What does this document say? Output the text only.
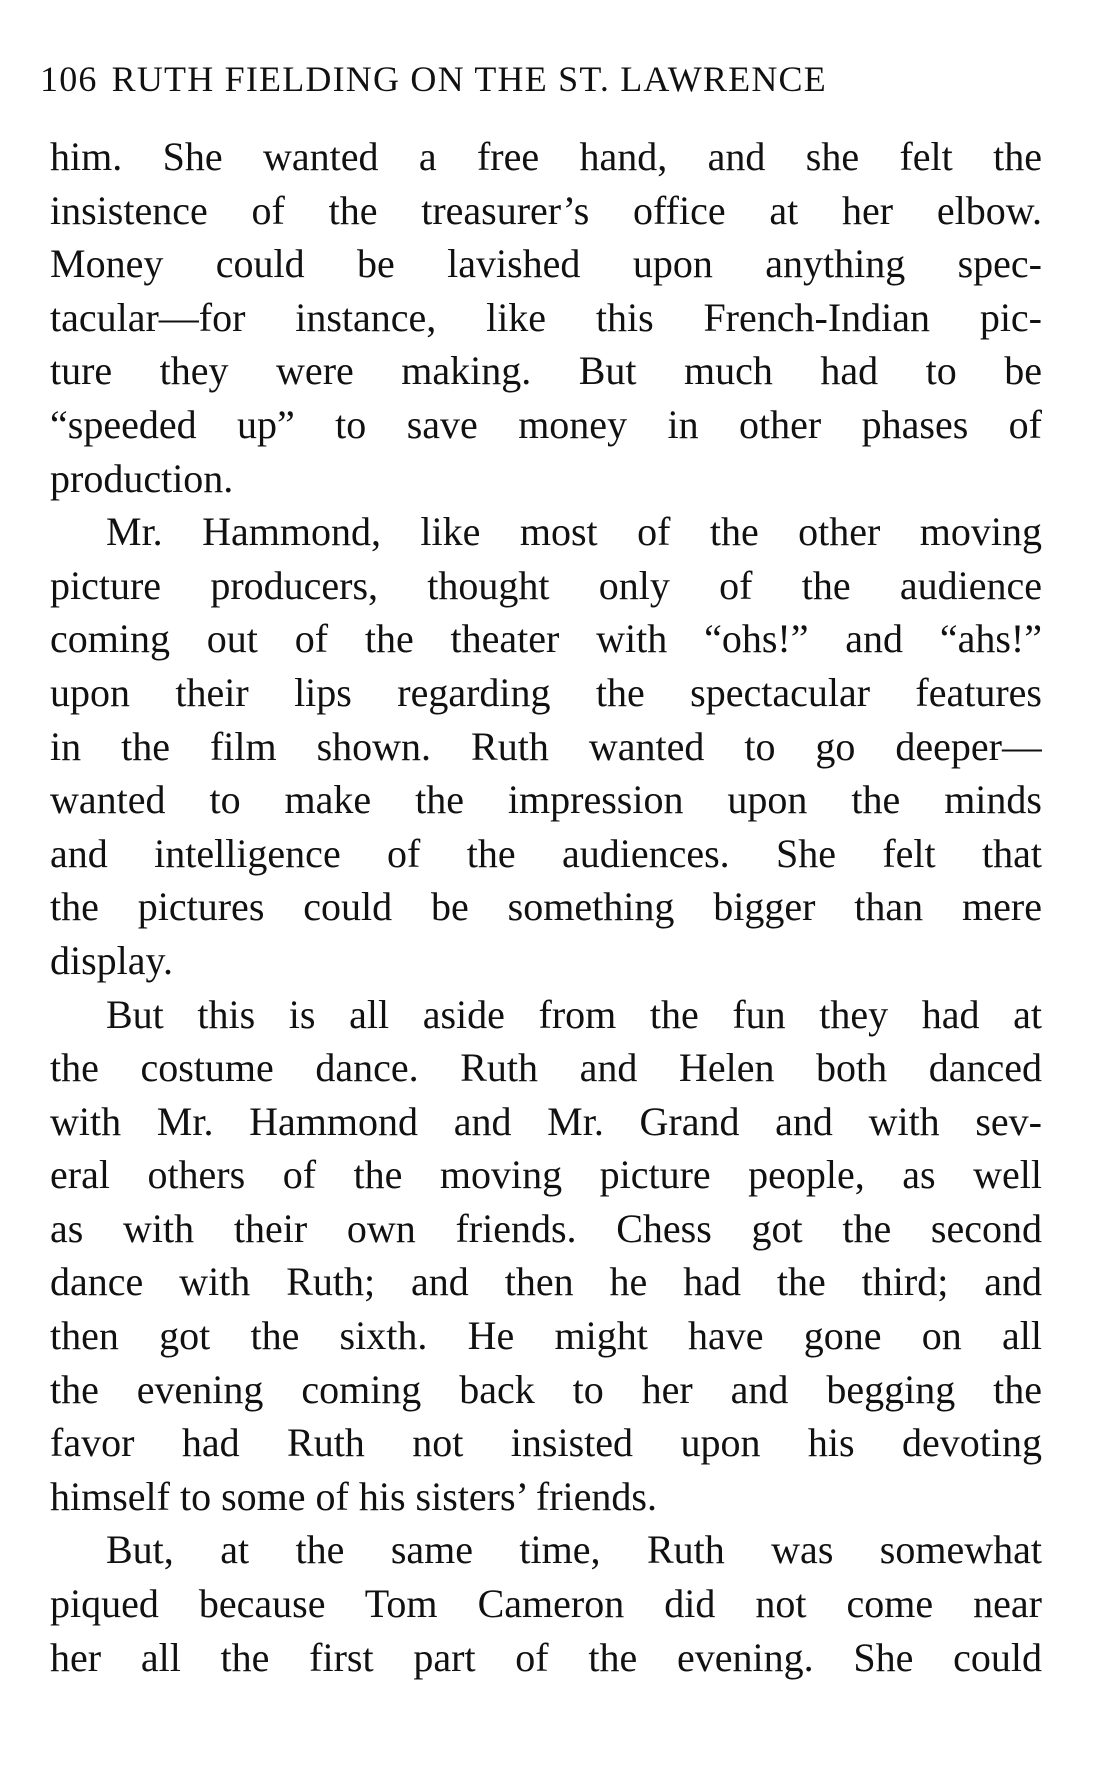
106 RUTH FIELDING ON THE ST. LAWRENCE
him. She wanted a free hand, and she felt the
insistence of the treasurer’s office at her elbow.
Money could be lavished upon anything spec-
tacular—for instance, like this French-Indian pic-
ture they were making. But much had to be
“speeded up” to save money in other phases of
production.
Mr. Hammond, like most of the other moving
picture producers, thought only of the audience
coming out of the theater with “ohs!” and “ahs!”
upon their lips regarding the spectacular features
in the film shown. Ruth wanted to go deeper—
wanted to make the impression upon the minds
and intelligence of the audiences. She felt that
the pictures could be something bigger than mere
display.
But this is all aside from the fun they had at
the costume dance. Ruth and Helen both danced
with Mr. Hammond and Mr. Grand and with sev-
eral others of the moving picture people, as well
as with their own friends. Chess got the second
dance with Ruth; and then he had the third; and
then got the sixth. He might have gone on all
the evening coming back to her and begging the
favor had Ruth not insisted upon his devoting
himself to some of his sisters’ friends.
But, at the same time, Ruth was somewhat
piqued because Tom Cameron did not come near
her all the first part of the evening. She could
